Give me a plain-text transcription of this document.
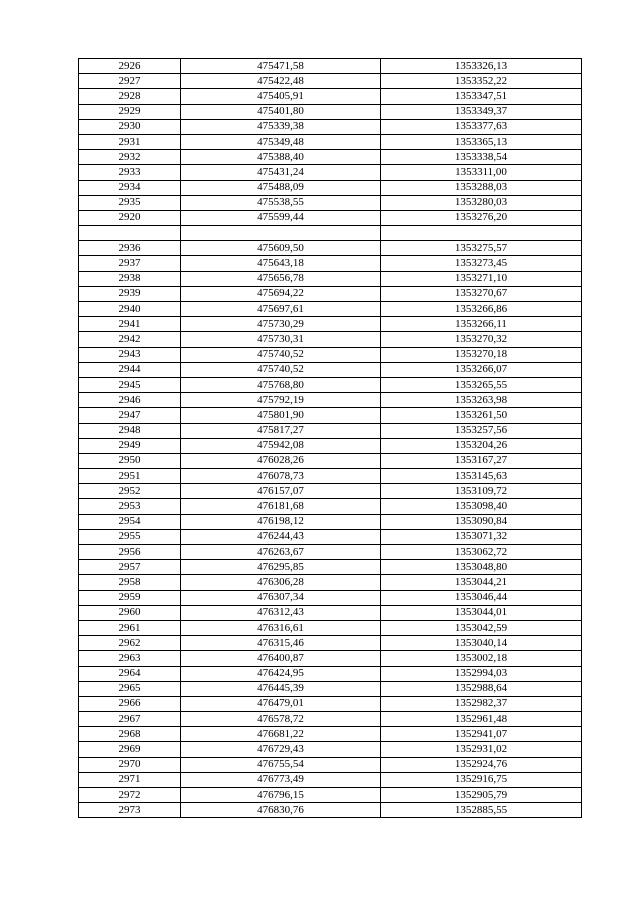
2926	475471,58	1353326,13
2927	475422,48	1353352,22
2928	475405,91	1353347,51
2929	475401,80	1353349,37
2930	475339,38	1353377,63
2931	475349,48	1353365,13
2932	475388,40	1353338,54
2933	475431,24	1353311,00
2934	475488,09	1353288,03
2935	475538,55	1353280,03
2920	475599,44	1353276,20

2936	475609,50	1353275,57
2937	475643,18	1353273,45
2938	475656,78	1353271,10
2939	475694,22	1353270,67
2940	475697,61	1353266,86
2941	475730,29	1353266,11
2942	475730,31	1353270,32
2943	475740,52	1353270,18
2944	475740,52	1353266,07
2945	475768,80	1353265,55
2946	475792,19	1353263,98
2947	475801,90	1353261,50
2948	475817,27	1353257,56
2949	475942,08	1353204,26
2950	476028,26	1353167,27
2951	476078,73	1353145,63
2952	476157,07	1353109,72
2953	476181,68	1353098,40
2954	476198,12	1353090,84
2955	476244,43	1353071,32
2956	476263,67	1353062,72
2957	476295,85	1353048,80
2958	476306,28	1353044,21
2959	476307,34	1353046,44
2960	476312,43	1353044,01
2961	476316,61	1353042,59
2962	476315,46	1353040,14
2963	476400,87	1353002,18
2964	476424,95	1352994,03
2965	476445,39	1352988,64
2966	476479,01	1352982,37
2967	476578,72	1352961,48
2968	476681,22	1352941,07
2969	476729,43	1352931,02
2970	476755,54	1352924,76
2971	476773,49	1352916,75
2972	476796,15	1352905,79
2973	476830,76	1352885,55
